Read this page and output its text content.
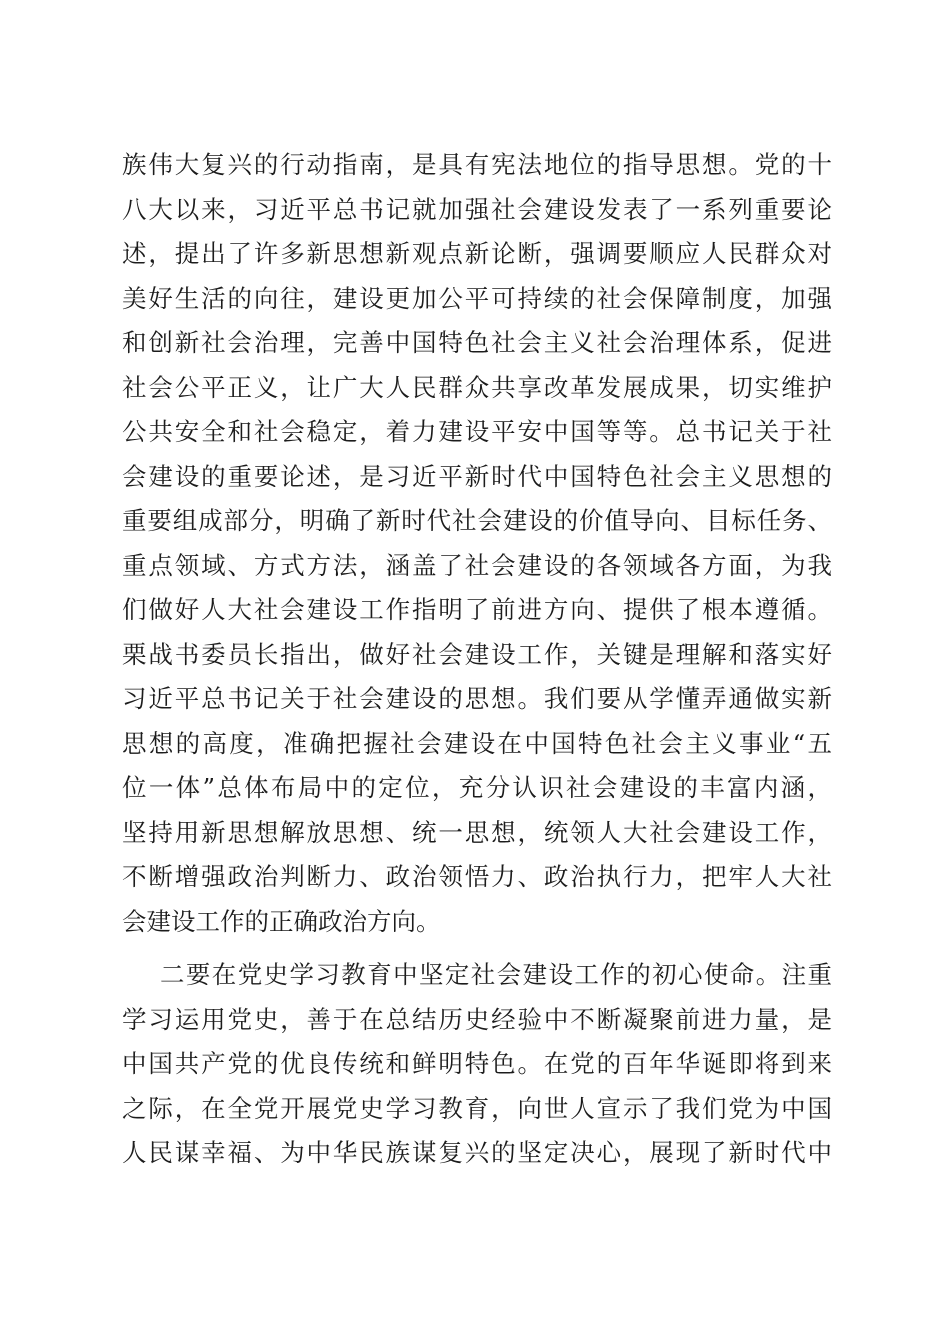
族伟大复兴的行动指南，是具有宪法地位的指导思想。党的十
八大以来，习近平总书记就加强社会建设发表了一系列重要论
述，提出了许多新思想新观点新论断，强调要顺应人民群众对
美好生活的向往，建设更加公平可持续的社会保障制度，加强
和创新社会治理，完善中国特色社会主义社会治理体系，促进
社会公平正义，让广大人民群众共享改革发展成果，切实维护
公共安全和社会稳定，着力建设平安中国等等。总书记关于社
会建设的重要论述，是习近平新时代中国特色社会主义思想的
重要组成部分，明确了新时代社会建设的价值导向、目标任务、
重点领域、方式方法，涵盖了社会建设的各领域各方面，为我
们做好人大社会建设工作指明了前进方向、提供了根本遵循。
栗战书委员长指出，做好社会建设工作，关键是理解和落实好
习近平总书记关于社会建设的思想。我们要从学懂弄通做实新
思想的高度，准确把握社会建设在中国特色社会主义事业“五
位一体”总体布局中的定位，充分认识社会建设的丰富内涵，
坚持用新思想解放思想、统一思想，统领人大社会建设工作，
不断增强政治判断力、政治领悟力、政治执行力，把牢人大社
会建设工作的正确政治方向。
二要在党史学习教育中坚定社会建设工作的初心使命。注重
学习运用党史，善于在总结历史经验中不断凝聚前进力量，是
中国共产党的优良传统和鲜明特色。在党的百年华诞即将到来
之际，在全党开展党史学习教育，向世人宣示了我们党为中国
人民谋幸福、为中华民族谋复兴的坚定决心，展现了新时代中
